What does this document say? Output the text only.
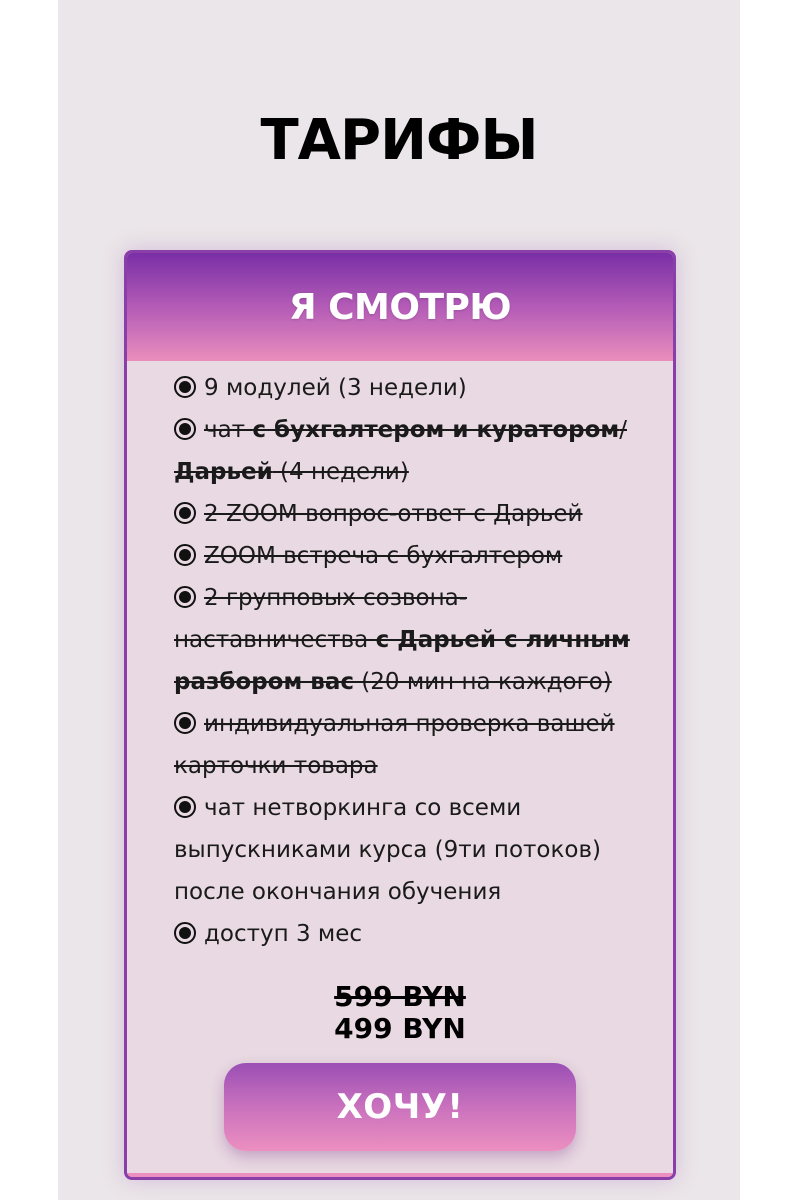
ТАРИФЫ
Я СМОТРЮ
9 модулей (3 недели)
чат с бухгалтером и куратором/ Дарьей (4 недели)
2 ZOOM вопрос-ответ с Дарьей
ZOOM встреча с бухгалтером
2 групповых созвона-наставничества с Дарьей с личным разбором вас (20 мин на каждого)
индивидуальная проверка вашей карточки товара
чат нетворкинга со всеми выпускниками курса (9ти потоков) после окончания обучения
доступ 3 мес
599 BYN
499 BYN
ХОЧУ!
